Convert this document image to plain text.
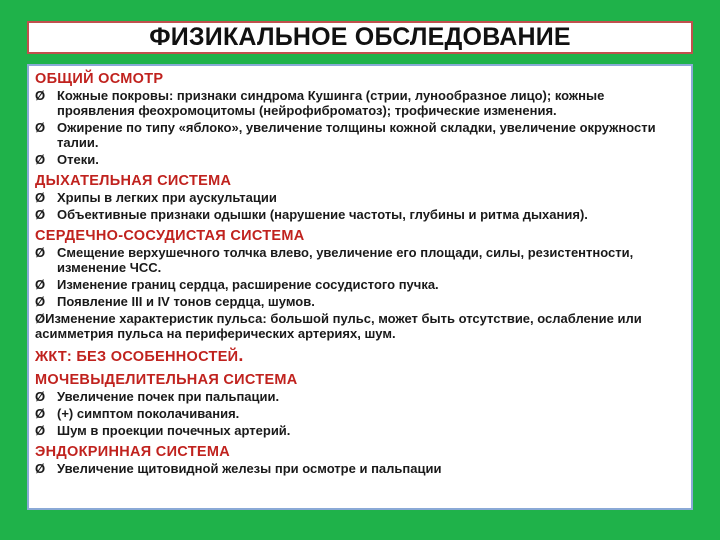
ФИЗИКАЛЬНОЕ ОБСЛЕДОВАНИЕ
ОБЩИЙ ОСМОТР
Ø Кожные покровы: признаки синдрома Кушинга (стрии, лунообразное лицо); кожные проявления феохромоцитомы (нейрофиброматоз); трофические изменения.
Ø Ожирение по типу «яблоко», увеличение толщины кожной складки, увеличение окружности талии.
Ø Отеки.
ДЫХАТЕЛЬНАЯ СИСТЕМА
Ø Хрипы в легких при аускультации
Ø Объективные признаки одышки (нарушение частоты, глубины и ритма дыхания).
СЕРДЕЧНО-СОСУДИСТАЯ СИСТЕМА
Ø Смещение верхушечного толчка влево, увеличение его площади, силы, резистентности, изменение ЧСС.
Ø Изменение границ сердца, расширение сосудистого пучка.
Ø Появление III и IV тонов сердца, шумов.
ØИзменение характеристик пульса: большой пульс, может быть отсутствие, ослабление или асимметрия пульса на периферических артериях, шум.
ЖКТ: БЕЗ ОСОБЕННОСТЕЙ.
МОЧЕВЫДЕЛИТЕЛЬНАЯ СИСТЕМА
Ø Увеличение почек при пальпации.
Ø (+) симптом поколачивания.
Ø Шум в проекции почечных артерий.
ЭНДОКРИННАЯ СИСТЕМА
Ø Увеличение щитовидной железы при осмотре и пальпации
